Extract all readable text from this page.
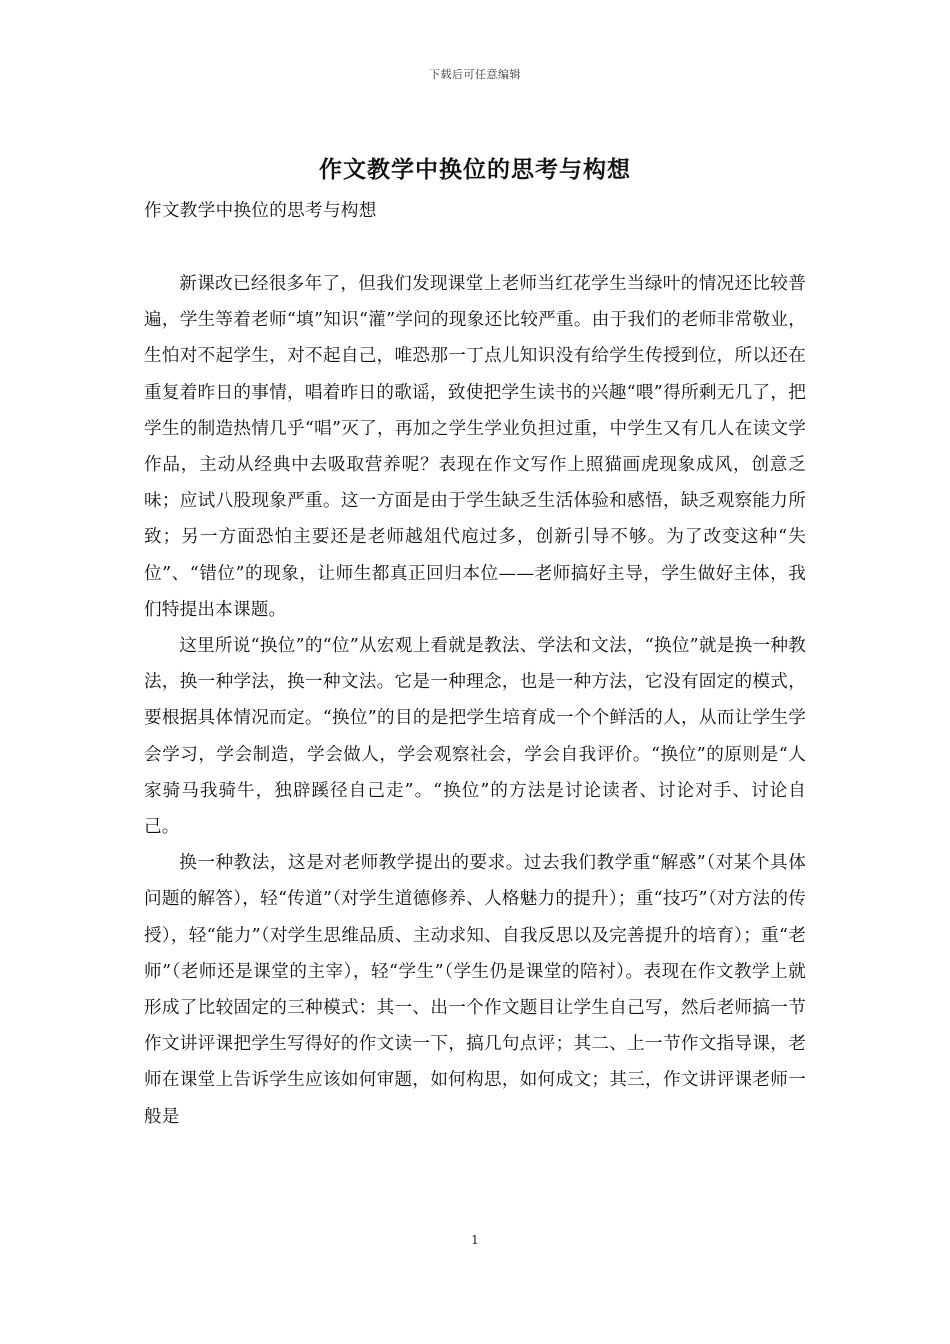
下载后可任意编辑
作文教学中换位的思考与构想
作文教学中换位的思考与构想

新课改已经很多年了，但我们发现课堂上老师当红花学生当绿叶的情况还比较普遍，学生等着老师“填”知识“灌”学问的现象还比较严重。由于我们的老师非常敬业，生怕对不起学生，对不起自己，唯恐那一丁点儿知识没有给学生传授到位，所以还在重复着昨日的事情，唱着昨日的歌谣，致使把学生读书的兴趣“喂”得所剩无几了，把学生的制造热情几乎“唱”灭了，再加之学生学业负担过重，中学生又有几人在读文学作品，主动从经典中去吸取营养呢？表现在作文写作上照猫画虎现象成风，创意乏味；应试八股现象严重。这一方面是由于学生缺乏生活体验和感悟，缺乏观察能力所致；另一方面恐怕主要还是老师越俎代庖过多，创新引导不够。为了改变这种“失位”、“错位”的现象，让师生都真正回归本位——老师搞好主导，学生做好主体，我们特提出本课题。

这里所说“换位”的“位”从宏观上看就是教法、学法和文法，“换位”就是换一种教法，换一种学法，换一种文法。它是一种理念，也是一种方法，它没有固定的模式，要根据具体情况而定。“换位”的目的是把学生培育成一个个鲜活的人，从而让学生学会学习，学会制造，学会做人，学会观察社会，学会自我评价。“换位”的原则是“人家骑马我骑牛，独辟蹊径自己走”。“换位”的方法是讨论读者、讨论对手、讨论自己。

换一种教法，这是对老师教学提出的要求。过去我们教学重“解惑”（对某个具体问题的解答），轻“传道”（对学生道德修养、人格魅力的提升）；重“技巧”（对方法的传授），轻“能力”（对学生思维品质、主动求知、自我反思以及完善提升的培育）；重“老师”（老师还是课堂的主宰），轻“学生”（学生仍是课堂的陪衬）。表现在作文教学上就形成了比较固定的三种模式：其一、出一个作文题目让学生自己写，然后老师搞一节作文讲评课把学生写得好的作文读一下，搞几句点评；其二、上一节作文指导课，老师在课堂上告诉学生应该如何审题，如何构思，如何成文；其三，作文讲评课老师一般是

1
